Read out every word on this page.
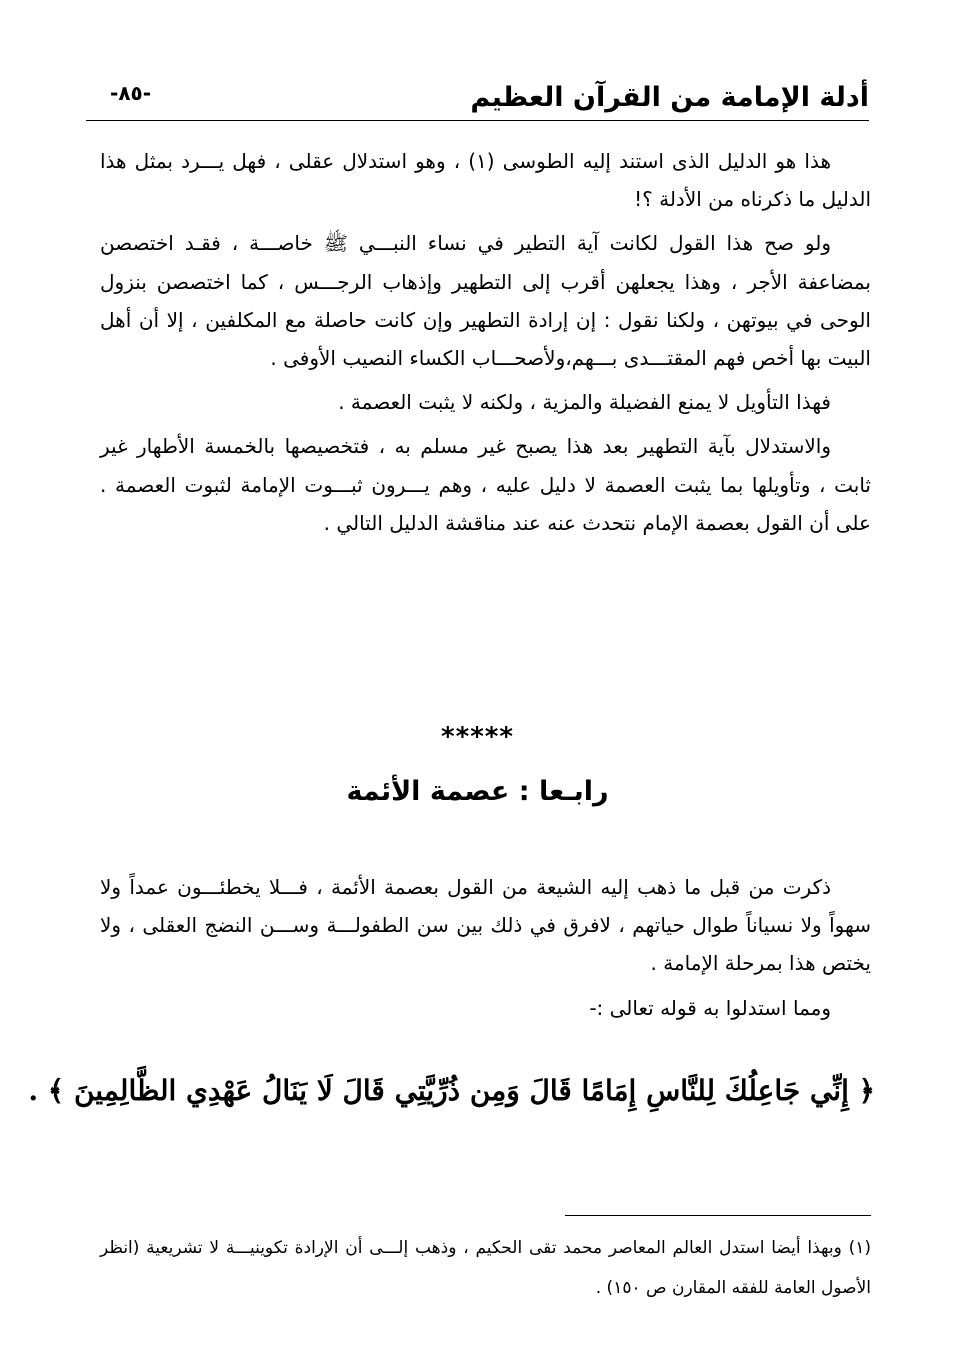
أدلة الإمامة من القرآن العظيم
-٨٥-

هذا هو الدليل الذى استند إليه الطوسى (١) ، وهو استدلال عقلى ، فهل يـــرد بمثل هذا الدليل ما ذكرناه من الأدلة ؟!

ولو صح هذا القول لكانت آية التطير في نساء النبـــي ﷺ خاصـــة ، فقـد اختصصن بمضاعفة الأجر ، وهذا يجعلهن أقرب إلى التطهير وإذهاب الرجـــس ، كما اختصصن بنزول الوحى في بيوتهن ، ولكنا نقول : إن إرادة التطهير وإن كانت حاصلة مع المكلفين ، إلا أن أهل البيت بها أخص فهم المقتـــدى بـــهم،ولأصحـــاب الكساء النصيب الأوفى .

فهذا التأويل لا يمنع الفضيلة والمزية ، ولكنه لا يثبت العصمة .

والاستدلال بآية التطهير بعد هذا يصبح غير مسلم به ، فتخصيصها بالخمسة الأطهار غير ثابت ، وتأويلها بما يثبت العصمة لا دليل عليه ، وهم يـــرون ثبـــوت الإمامة لثبوت العصمة . على أن القول بعصمة الإمام نتحدث عنه عند مناقشة الدليل التالي .

*****
رابـعا : عصمة الأئمة

ذكرت من قبل ما ذهب إليه الشيعة من القول بعصمة الأئمة ، فـــلا يخطئـــون عمداً ولا سهواً ولا نسياناً طوال حياتهم ، لافرق في ذلك بين سن الطفولـــة وســـن النضج العقلى ، ولا يختص هذا بمرحلة الإمامة .

ومما استدلوا به قوله تعالى :-

﴿ إِنِّي جَاعِلُكَ لِلنَّاسِ إِمَامًا قَالَ وَمِن ذُرِّيَّتِي قَالَ لَا يَنَالُ عَهْدِي الظَّالِمِينَ ﴾ .
(١) وبهذا أيضا استدل العالم المعاصر محمد تقى الحكيم ، وذهب إلـــى أن الإرادة تكوينيـــة لا تشريعية (انظر الأصول العامة للفقه المقارن ص ١٥٠) .
